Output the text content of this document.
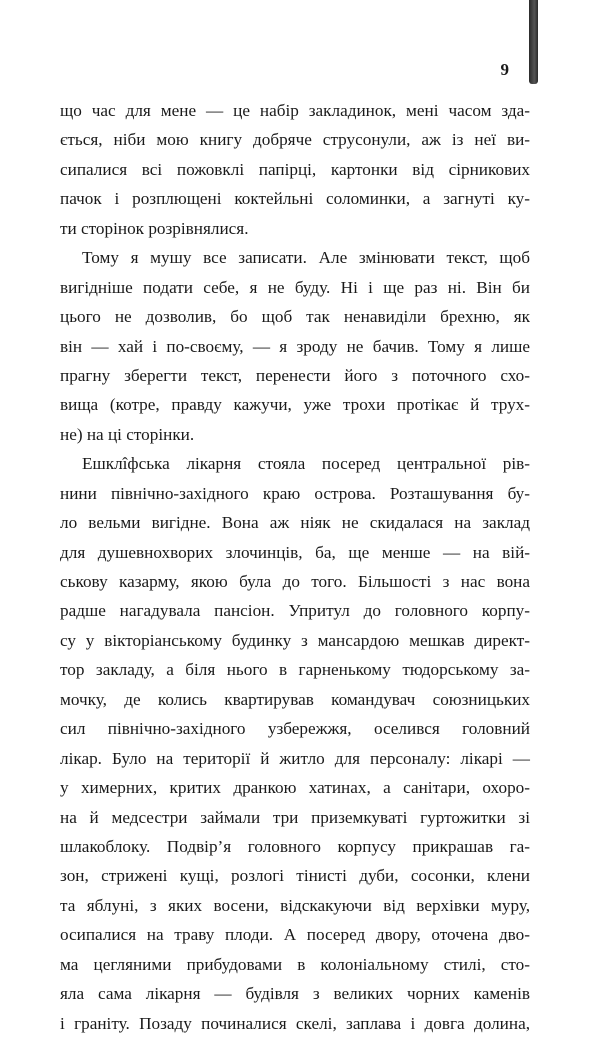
9
що час для мене — це набір закладинок, мені часом зда-
ється, ніби мою книгу добряче струсонули, аж із неї ви-
сипалися всі пожовклі папірці, картонки від сірникових
пачок і розплющені коктейльні соломинки, а загнуті ку-
ти сторінок розрівнялися.
Тому я мушу все записати. Але змінювати текст, щоб
вигідніше подати себе, я не буду. Ні і ще раз ні. Він би
цього не дозволив, бо щоб так ненавиділи брехню, як
він — хай і по-своєму, — я зроду не бачив. Тому я лише
прагну зберегти текст, перенести його з поточного схо-
вища (котре, правду кажучи, уже трохи протікає й трух-
не) на ці сторінки.
Ешклîфська лікарня стояла посеред центральної рів-
нини північно-західного краю острова. Розташування бу-
ло вельми вигідне. Вона аж ніяк не скидалася на заклад
для душевнохворих злочинців, ба, ще менше — на вій-
ськову казарму, якою була до того. Більшості з нас вона
радше нагадувала пансіон. Упритул до головного корпу-
су у вікторіанському будинку з мансардою мешкав директ-
тор закладу, а біля нього в гарненькому тюдорському за-
мочку, де колись квартирував командувач союзницьких
сил північно-західного узбережжя, оселився головний
лікар. Було на території й житло для персоналу: лікарі —
у химерних, критих дранкою хатинах, а санітари, охоро-
на й медсестри займали три приземкуваті гуртожитки зі
шлакоблоку. Подвір’я головного корпусу прикрашав га-
зон, стрижені кущі, розлогі тінисті дуби, сосонки, клени
та яблуні, з яких восени, відскакуючи від верхівки муру,
осипалися на траву плоди. А посеред двору, оточена дво-
ма цегляними прибудовами в колоніальному стилі, сто-
яла сама лікарня — будівля з великих чорних каменів
і граніту. Позаду починалися скелі, заплава і довга долина,
